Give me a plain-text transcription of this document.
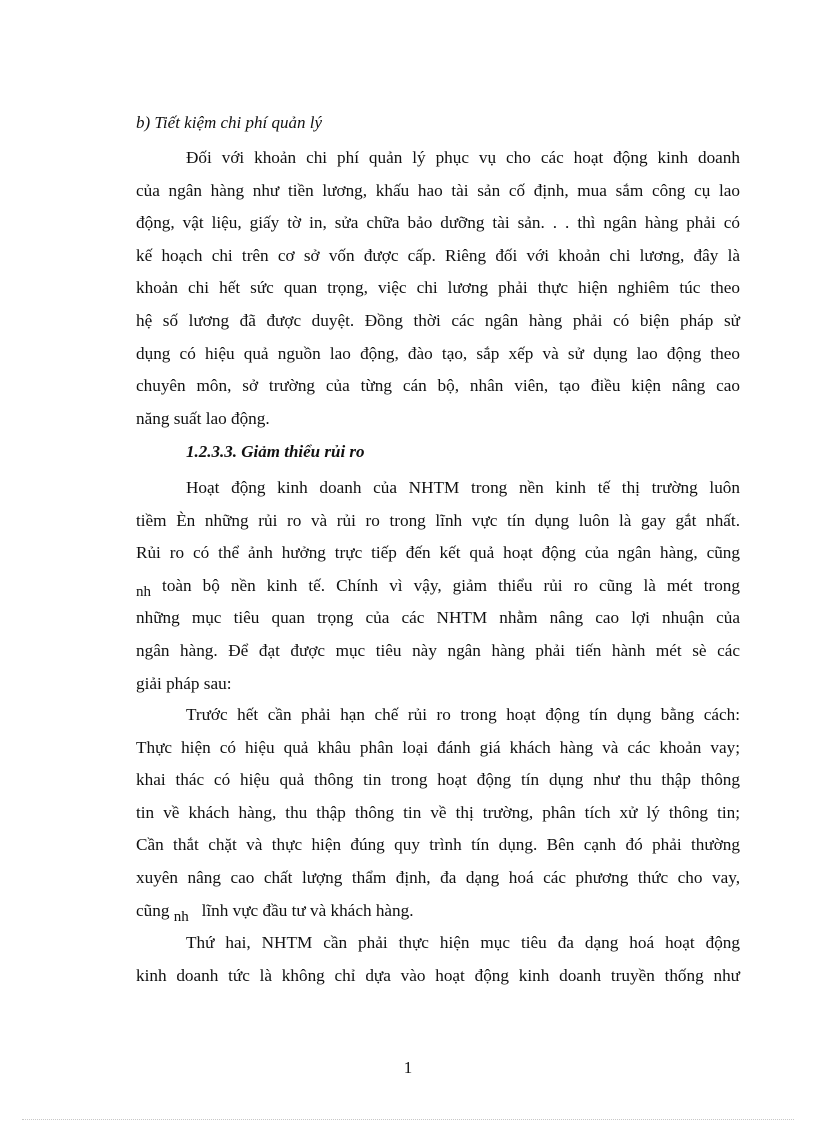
b) Tiết kiệm chi phí quản lý
Đối với khoản chi phí quản lý phục vụ cho các hoạt động kinh doanh
của ngân hàng như tiền lương, khấu hao tài sản cố định, mua sắm công cụ lao
động, vật liệu, giấy tờ in, sửa chữa bảo dưỡng tài sản. . . thì ngân hàng phải có
kế hoạch chi trên cơ sở vốn được cấp. Riêng đối với khoản chi lương, đây là
khoản chi hết sức quan trọng, việc chi lương phải thực hiện nghiêm túc theo
hệ số lương đã được duyệt. Đồng thời các ngân hàng phải có biện pháp sử
dụng có hiệu quả nguồn lao động, đào tạo, sắp xếp và sử dụng lao động theo
chuyên môn, sở trường của từng cán bộ, nhân viên, tạo điều kiện nâng cao
năng suất lao động.
1.2.3.3. Giảm thiểu rủi ro
Hoạt động kinh doanh của NHTM trong nền kinh tế thị trường luôn
tiềm Èn những rủi ro và rủi ro trong lĩnh vực tín dụng luôn là gay gắt nhất.
Rủi ro có thể ảnh hưởng trực tiếp đến kết quả hoạt động của ngân hàng, cũng
nh toàn bộ nền kinh tế. Chính vì vậy, giảm thiểu rủi ro cũng là mét trong
những mục tiêu quan trọng của các NHTM nhằm nâng cao lợi nhuận của
ngân hàng. Để đạt được mục tiêu này ngân hàng phải tiến hành mét sè các
giải pháp sau:
Trước hết cần phải hạn chế rủi ro trong hoạt động tín dụng bằng cách:
Thực hiện có hiệu quả khâu phân loại đánh giá khách hàng và các khoản vay;
khai thác có hiệu quả thông tin trong hoạt động tín dụng như thu thập thông
tin về khách hàng, thu thập thông tin về thị trường, phân tích xử lý thông tin;
Cần thắt chặt và thực hiện đúng quy trình tín dụng. Bên cạnh đó phải thường
xuyên nâng cao chất lượng thẩm định, đa dạng hoá các phương thức cho vay,
cũng nh   lĩnh vực đầu tư và khách hàng.
Thứ hai, NHTM cần phải thực hiện mục tiêu đa dạng hoá hoạt động
kinh doanh tức là không chỉ dựa vào hoạt động kinh doanh truyền thống như
1
